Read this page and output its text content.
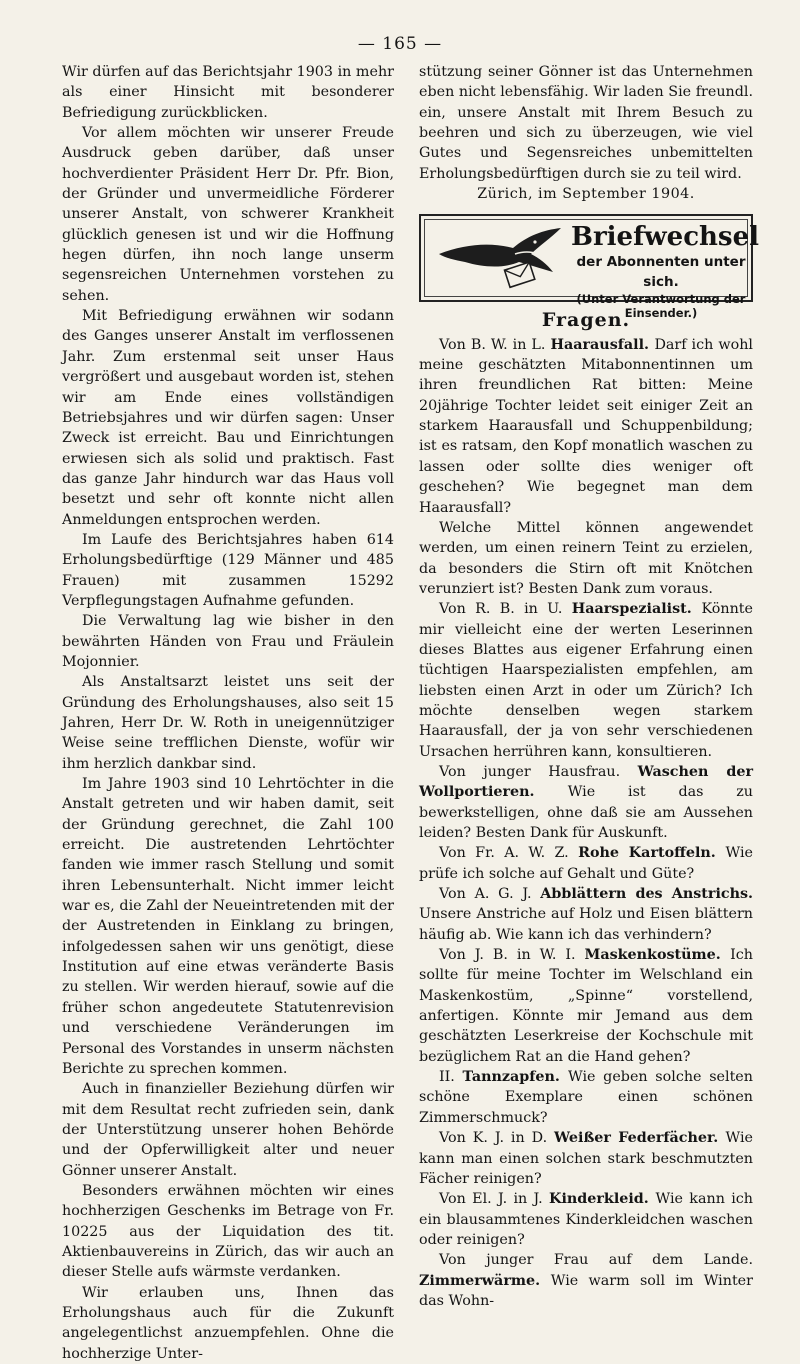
— 165 —

Wir dürfen auf das Berichtsjahr 1903 in mehr als einer Hinsicht mit besonderer Befriedigung zurückblicken.

Vor allem möchten wir unserer Freude Ausdruck geben darüber, daß unser hochverdienter Präsident Herr Dr. Pfr. Bion, der Gründer und unvermeidliche Förderer unserer Anstalt, von schwerer Krankheit glücklich genesen ist und wir die Hoffnung hegen dürfen, ihn noch lange unserm segensreichen Unternehmen vorstehen zu sehen.

Mit Befriedigung erwähnen wir sodann des Ganges unserer Anstalt im verflossenen Jahr. Zum erstenmal seit unser Haus vergrößert und ausgebaut worden ist, stehen wir am Ende eines vollständigen Betriebsjahres und wir dürfen sagen: Unser Zweck ist erreicht. Bau und Einrichtungen erwiesen sich als solid und praktisch. Fast das ganze Jahr hindurch war das Haus voll besetzt und sehr oft konnte nicht allen Anmeldungen entsprochen werden.

Im Laufe des Berichtsjahres haben 614 Erholungsbedürftige (129 Männer und 485 Frauen) mit zusammen 15292 Verpflegungstagen Aufnahme gefunden.

Die Verwaltung lag wie bisher in den bewährten Händen von Frau und Fräulein Mojonnier.

Als Anstaltsarzt leistet uns seit der Gründung des Erholungshauses, also seit 15 Jahren, Herr Dr. W. Roth in uneigennütziger Weise seine trefflichen Dienste, wofür wir ihm herzlich dankbar sind.

Im Jahre 1903 sind 10 Lehrtöchter in die Anstalt getreten und wir haben damit, seit der Gründung gerechnet, die Zahl 100 erreicht. Die austretenden Lehrtöchter fanden wie immer rasch Stellung und somit ihren Lebensunterhalt. Nicht immer leicht war es, die Zahl der Neueintretenden mit der der Austretenden in Einklang zu bringen, infolgedessen sahen wir uns genötigt, diese Institution auf eine etwas veränderte Basis zu stellen. Wir werden hierauf, sowie auf die früher schon angedeutete Statutenrevision und verschiedene Veränderungen im Personal des Vorstandes in unserm nächsten Berichte zu sprechen kommen.

Auch in finanzieller Beziehung dürfen wir mit dem Resultat recht zufrieden sein, dank der Unterstützung unserer hohen Behörde und der Opferwilligkeit alter und neuer Gönner unserer Anstalt.

Besonders erwähnen möchten wir eines hochherzigen Geschenks im Betrage von Fr. 10225 aus der Liquidation des tit. Aktienbauvereins in Zürich, das wir auch an dieser Stelle aufs wärmste verdanken.

Wir erlauben uns, Ihnen das Erholungshaus auch für die Zukunft angelegentlichst anzuempfehlen. Ohne die hochherzige Unter-

stützung seiner Gönner ist das Unternehmen eben nicht lebensfähig. Wir laden Sie freundl. ein, unsere Anstalt mit Ihrem Besuch zu beehren und sich zu überzeugen, wie viel Gutes und Segensreiches unbemittelten Erholungsbedürftigen durch sie zu teil wird.

Zürich, im September 1904.

Briefwechsel
der Abonnenten unter sich.
(Unter Verantwortung der Einsender.)
Fragen.

Von B. W. in L. Haarausfall. Darf ich wohl meine geschätzten Mitabonnentinnen um ihren freundlichen Rat bitten: Meine 20jährige Tochter leidet seit einiger Zeit an starkem Haarausfall und Schuppenbildung; ist es ratsam, den Kopf monatlich waschen zu lassen oder sollte dies weniger oft geschehen? Wie begegnet man dem Haarausfall?

Welche Mittel können angewendet werden, um einen reinern Teint zu erzielen, da besonders die Stirn oft mit Knötchen verunziert ist? Besten Dank zum voraus.

Von R. B. in U. Haarspezialist. Könnte mir vielleicht eine der werten Leserinnen dieses Blattes aus eigener Erfahrung einen tüchtigen Haarspezialisten empfehlen, am liebsten einen Arzt in oder um Zürich? Ich möchte denselben wegen starkem Haarausfall, der ja von sehr verschiedenen Ursachen herrühren kann, konsultieren.

Von junger Hausfrau. Waschen der Wollportieren. Wie ist das zu bewerkstelligen, ohne daß sie am Aussehen leiden? Besten Dank für Auskunft.

Von Fr. A. W. Z. Rohe Kartoffeln. Wie prüfe ich solche auf Gehalt und Güte?

Von A. G. J. Abblättern des Anstrichs. Unsere Anstriche auf Holz und Eisen blättern häufig ab. Wie kann ich das verhindern?

Von J. B. in W. I. Maskenkostüme. Ich sollte für meine Tochter im Welschland ein Maskenkostüm, „Spinne“ vorstellend, anfertigen. Könnte mir Jemand aus dem geschätzten Leserkreise der Kochschule mit bezüglichem Rat an die Hand gehen?

II. Tannzapfen. Wie geben solche selten schöne Exemplare einen schönen Zimmerschmuck?

Von K. J. in D. Weißer Federfächer. Wie kann man einen solchen stark beschmutzten Fächer reinigen?

Von El. J. in J. Kinderkleid. Wie kann ich ein blausammtenes Kinderkleidchen waschen oder reinigen?

Von junger Frau auf dem Lande. Zimmerwärme. Wie warm soll im Winter das Wohn-
